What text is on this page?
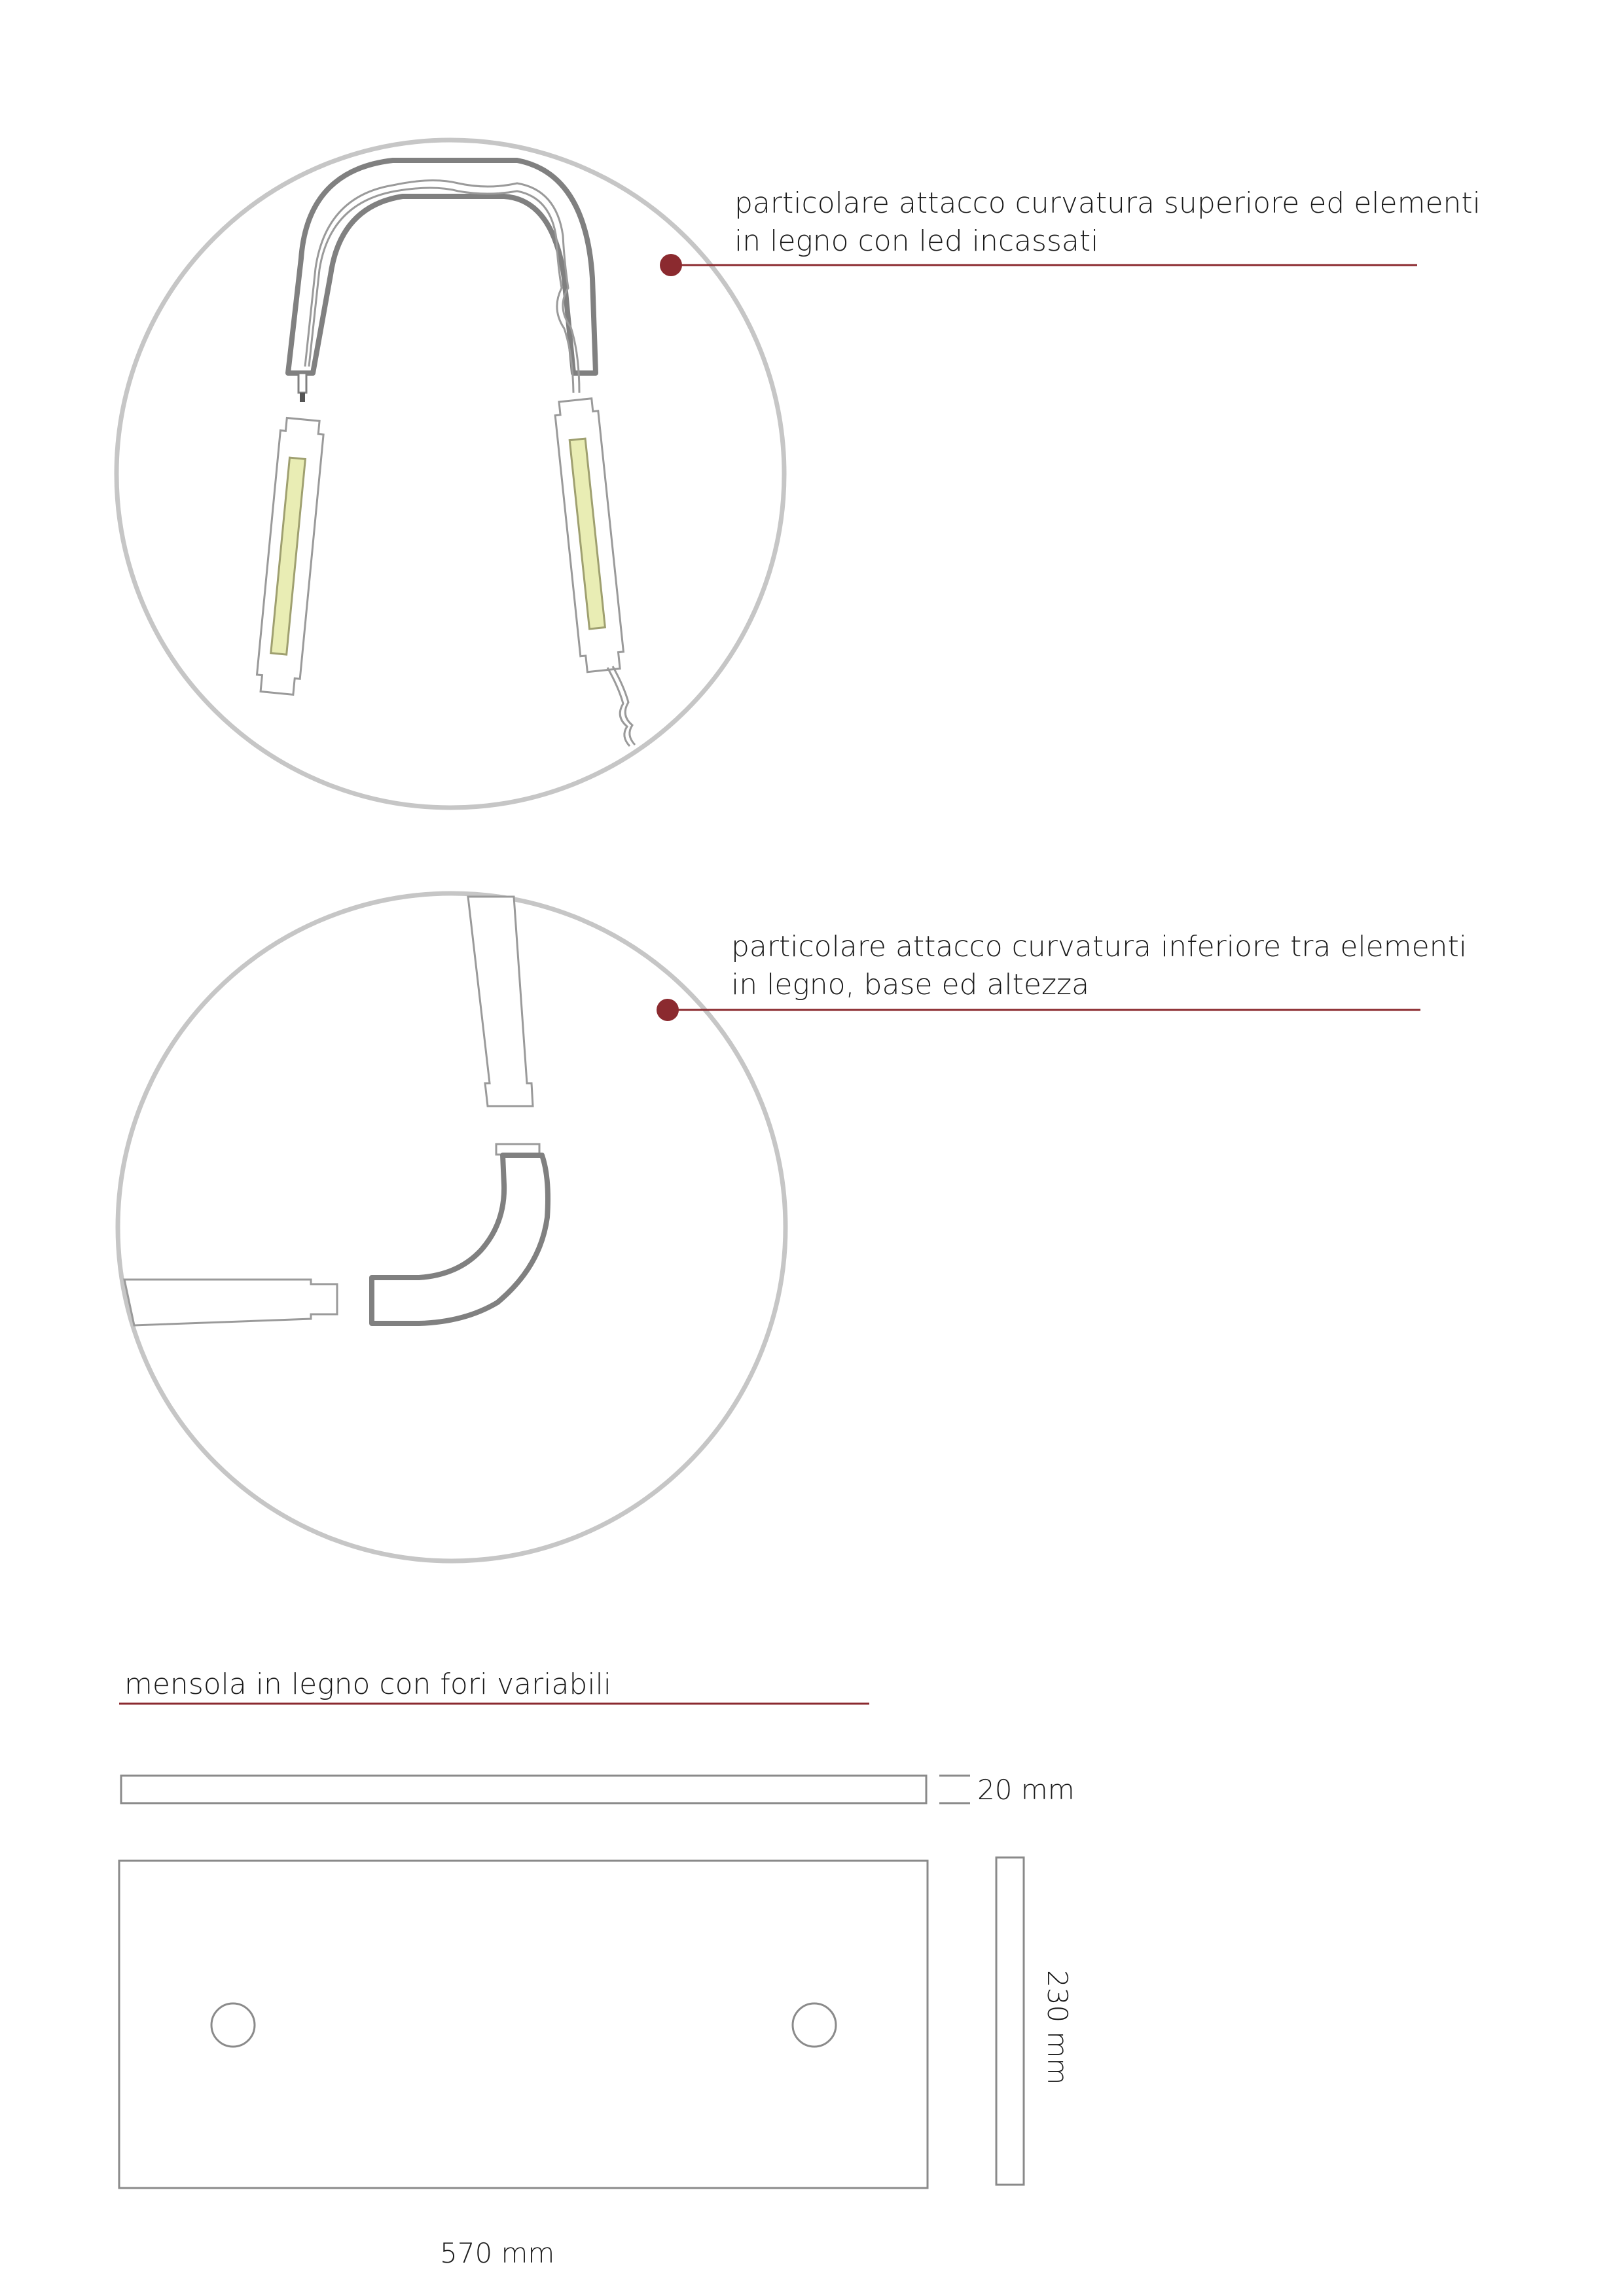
particolare attacco curvatura superiore ed elementi
in legno con led incassati
particolare attacco curvatura inferiore tra elementi
in legno, base ed altezza
mensola in legno con fori variabili
20 mm
230 mm
570 mm
